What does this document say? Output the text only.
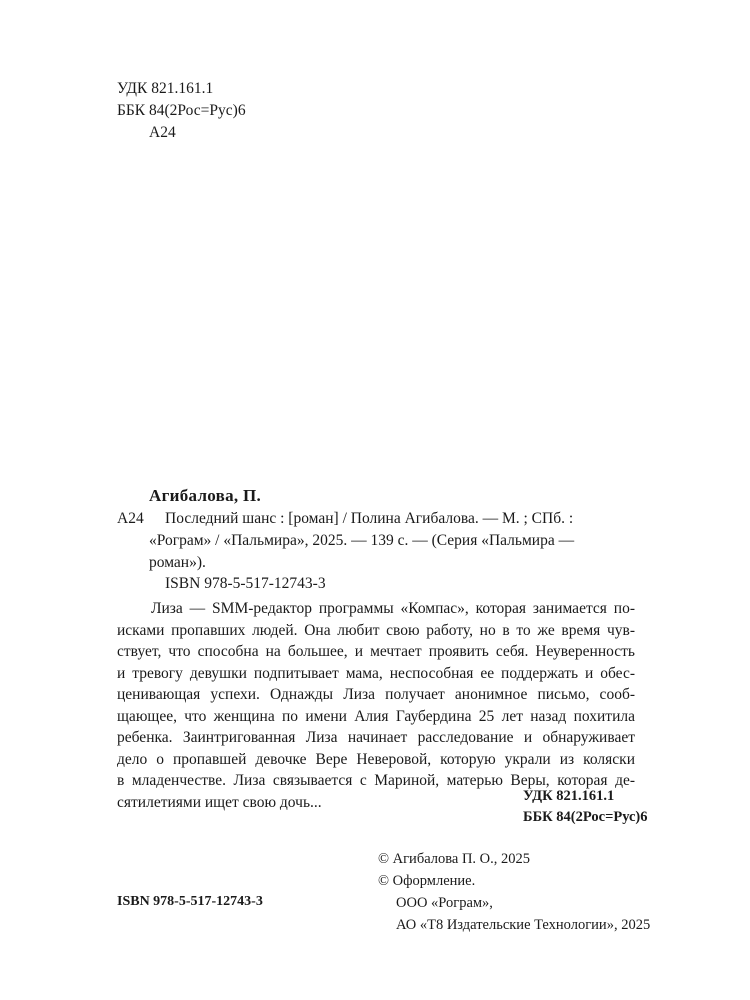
УДК 821.161.1
ББК 84(2Рос=Рус)6
А24
Агибалова, П.
А24 Последний шанс : [роман] / Полина Агибалова. — М. ; СПб. :
«Рограм» / «Пальмира», 2025. — 139 с. — (Серия «Пальмира —
роман»).
ISBN 978-5-517-12743-3
Лиза — SMM-редактор программы «Компас», которая занимается по-
исками пропавших людей. Она любит свою работу, но в то же время чув-
ствует, что способна на большее, и мечтает проявить себя. Неуверенность
и тревогу девушки подпитывает мама, неспособная ее поддержать и обес-
ценивающая успехи. Однажды Лиза получает анонимное письмо, сооб-
щающее, что женщина по имени Алия Гаубердина 25 лет назад похитила
ребенка. Заинтригованная Лиза начинает расследование и обнаруживает
дело о пропавшей девочке Вере Неверовой, которую украли из коляски
в младенчестве. Лиза связывается с Мариной, матерью Веры, которая де-
сятилетиями ищет свою дочь...	УДК 821.161.1
ББК 84(2Рос=Рус)6
© Агибалова П. О., 2025
© Оформление.
ООО «Рограм»,
АО «Т8 Издательские Технологии», 2025
ISBN 978-5-517-12743-3
